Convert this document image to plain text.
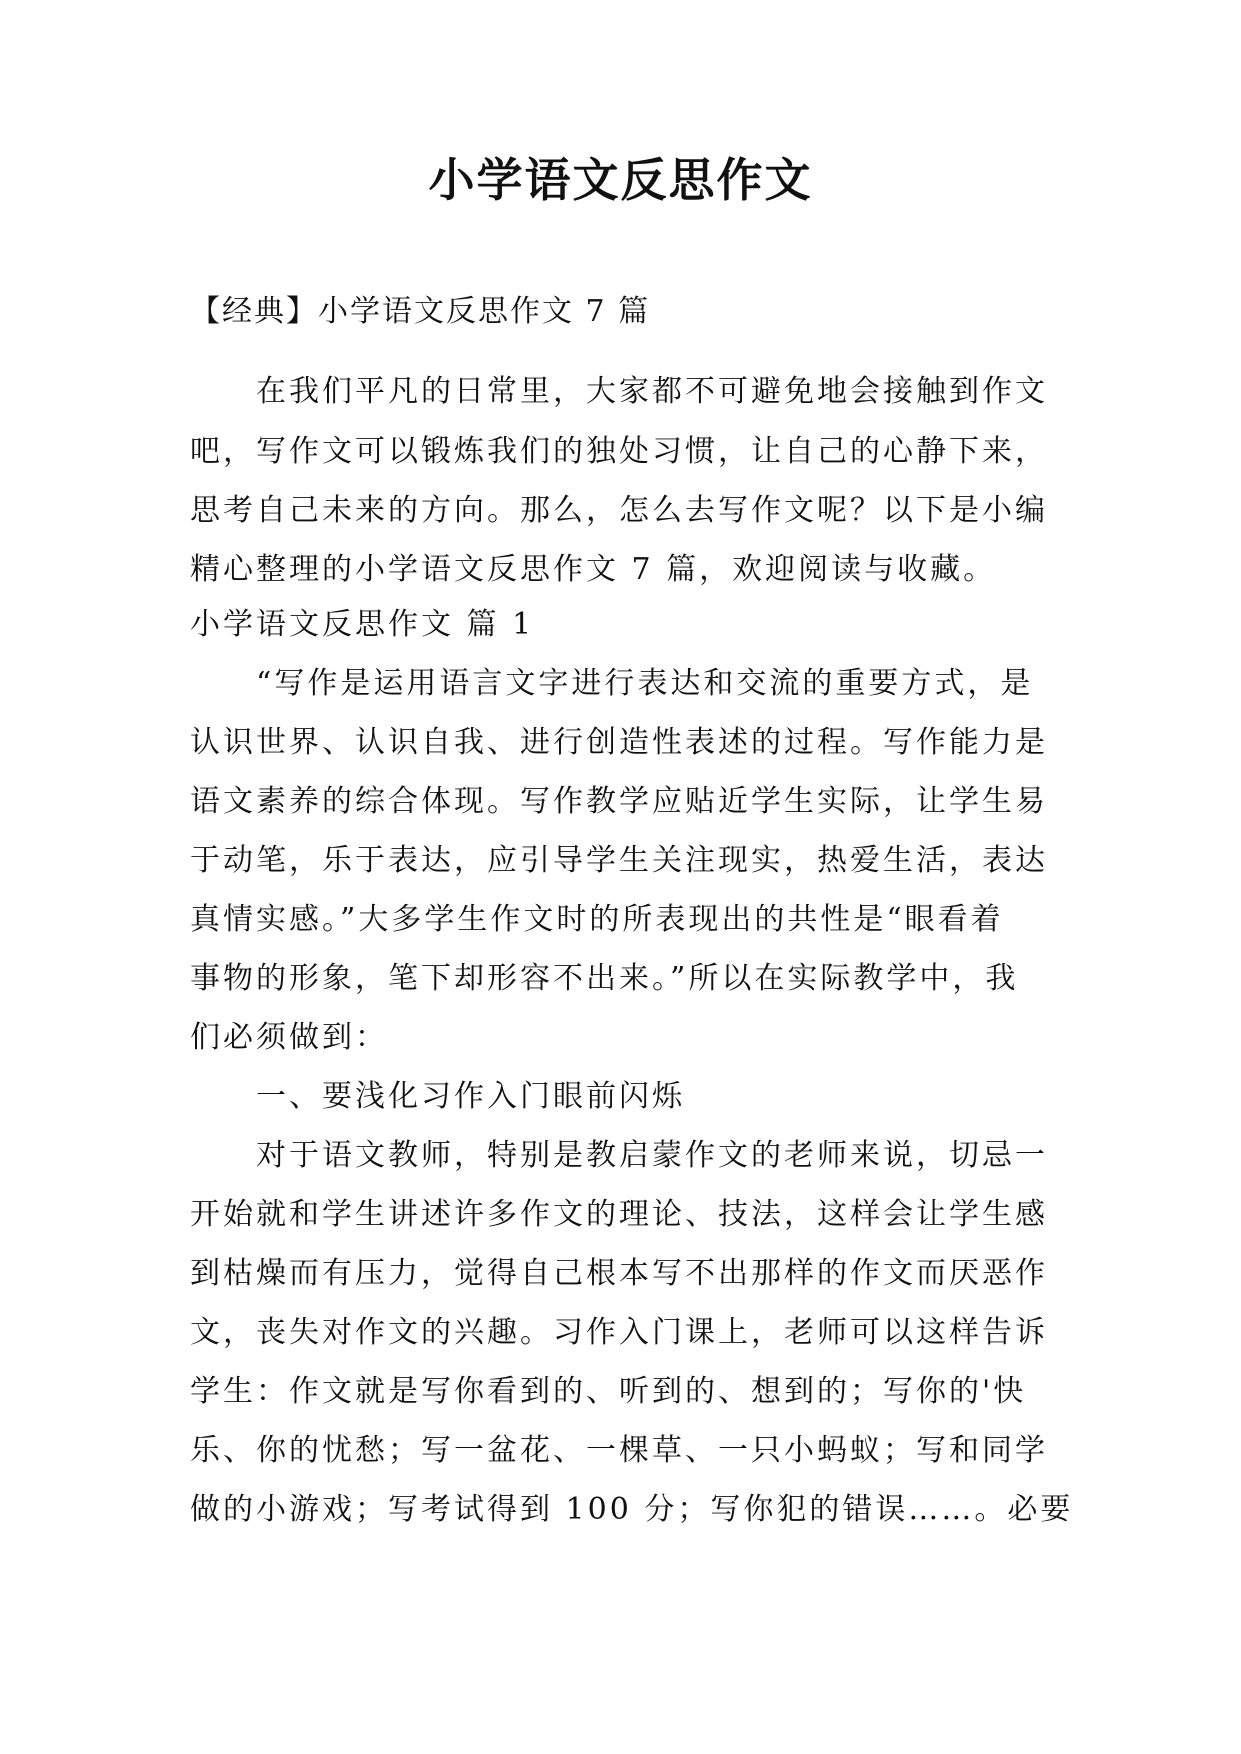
小学语文反思作文
【经典】小学语文反思作文 7 篇
在我们平凡的日常里，大家都不可避免地会接触到作文
吧，写作文可以锻炼我们的独处习惯，让自己的心静下来，
思考自己未来的方向。那么，怎么去写作文呢？以下是小编
精心整理的小学语文反思作文 7 篇，欢迎阅读与收藏。
小学语文反思作文 篇 1
“写作是运用语言文字进行表达和交流的重要方式，是
认识世界、认识自我、进行创造性表述的过程。写作能力是
语文素养的综合体现。写作教学应贴近学生实际，让学生易
于动笔，乐于表达，应引导学生关注现实，热爱生活，表达
真情实感。”大多学生作文时的所表现出的共性是“眼看着
事物的形象，笔下却形容不出来。”所以在实际教学中，我
们必须做到：
一、要浅化习作入门眼前闪烁
对于语文教师，特别是教启蒙作文的老师来说，切忌一
开始就和学生讲述许多作文的理论、技法，这样会让学生感
到枯燥而有压力，觉得自己根本写不出那样的作文而厌恶作
文，丧失对作文的兴趣。习作入门课上，老师可以这样告诉
学生：作文就是写你看到的、听到的、想到的；写你的'快
乐、你的忧愁；写一盆花、一棵草、一只小蚂蚁；写和同学
做的小游戏；写考试得到 100 分；写你犯的错误……。必要
